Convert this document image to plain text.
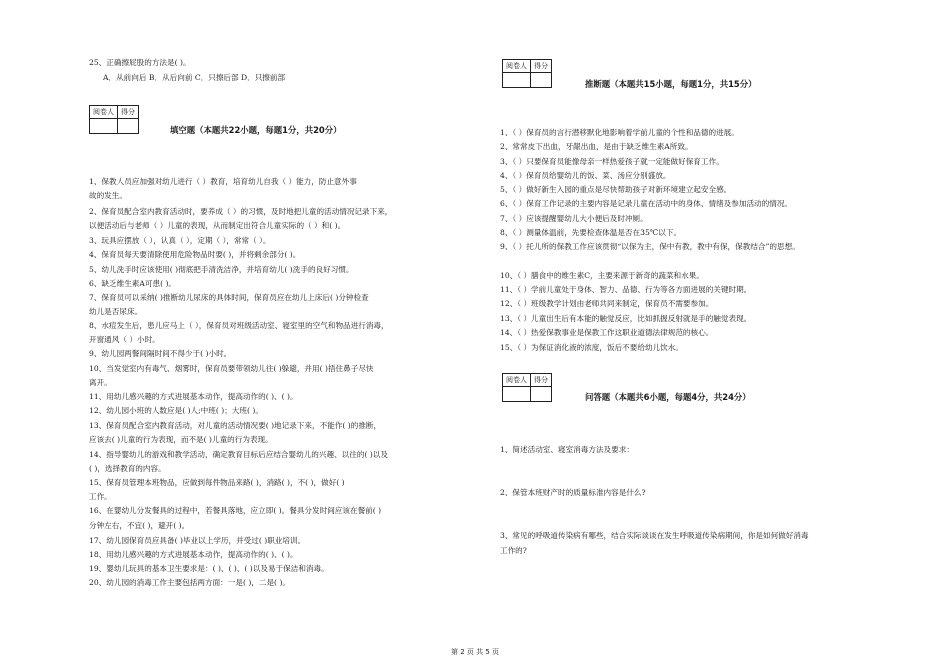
25、正确擦屁股的方法是( )。
A．从前向后 B．从后向前 C．只擦后部 D．只擦前部
阅卷人	得分

填空题（本题共22小题，每题1分，共20分）
1、保教人员应加强对幼儿进行（ ）教育，培育幼儿自我（ ）能力，防止意外事
故的发生。
2、保育员配合室内教育活动时，要养成（ ）的习惯，及时地把儿童的活动情况记录下来，
以便活动后与老师（ ）儿童的表现，从而制定出符合儿童实际的（ ）和( )。
3、玩具应摆放（ ），认真（ ），定期（ ），常常（ ）。
4、保育员每天要清除使用危险物品时要( )，并将剩余部分( )。
5、幼儿洗手时应该使用( )彻底把手清洗洁净，并培育幼儿( )洗手的良好习惯。
6、缺乏维生素A可患( )。
7、保育员可以采纳( )推断幼儿尿床的具体时间，保育员应在幼儿上床后( )分钟检查
幼儿是否尿床。
8、水痘发生后，患儿应马上（ ），保育员对班级活动室、寝室里的空气和物品进行消毒，
开窗通风（ ）小时。
9、幼儿园两餐间隔时间不得少于( )小时。
10、当发觉室内有毒气、烟雾时，保育员要带领幼儿往( )躲避，并用( )捂住鼻子尽快
离开。
11、用幼儿感兴趣的方式进展基本动作，提高动作的( )、( )。
12、幼儿园小班的人数应是( )人;中班( )；大班( )。
13、保育员配合室内教育活动，对儿童的活动情况要( )地记录下来，不能作( )的推断，
应该去( )儿童的行为表现，而不是( )儿童的行为表现。
14、指导婴幼儿的游戏和教学活动，确定教育目标后应结合婴幼儿的兴趣、以往的( )以及
( )，选择教育的内容。
15、保育员管理本班物品，应做到每件物品来路( )，消路( )，不( )，做好( )
工作。
16、在婴幼儿分发餐具的过程中，若餐具落地，应立即( )。餐具分发时间应该在餐前( )
分钟左右，不宜( )，避开( )。
17、幼儿园保育员应具备( )毕业以上学历，并受过( )职业培训。
18、用幼儿感兴趣的方式进展基本动作，提高动作的( )、( )。
19、婴幼儿玩具的基本卫生要求是：( )、( )、( )以及易于保洁和消毒。
20、幼儿园的消毒工作主要包括两方面：一是( )，二是( )。
阅卷人	得分

推断题（本题共15小题，每题1分，共15分）
1、（ ）保育员的言行潜移默化地影响着学前儿童的个性和品德的进展。
2、常常皮下出血，牙龈出血，是由于缺乏维生素A所致。
3、（ ）只要保育员能像母亲一样热爱孩子就一定能做好保育工作。
4、（ ）保育员给婴幼儿的饭、菜、汤应分别盛放。
5、（ ）做好新生入园的重点是尽快帮助孩子对新环境建立起安全感。
6、（ ）保育工作记录的主要内容是记录儿童在活动中的身体、情绪及参加活动的情况。
7、（ ）应该提醒婴幼儿大小便后及时冲厕。
8、（ ）测量体温前，先要检查体温是否在35℃以下。
9、（ ）托儿所的保教工作应该贯彻“以保为主，保中有教，教中有保，保教结合”的思想。
10、（ ）膳食中的维生素C，主要来源于新奇的蔬菜和水果。
11、（ ）学前儿童处于身体、智力、品德、行为等各方面进展的关键时期。
12、（ ）班级教学计划由老师共同来制定，保育员不需要参加。
13、（ ）儿童出生后有本能的触觉反应，比如抓握反射就是手的触觉表现。
14、（ ）热爱保教事业是保教工作这职业道德法律规范的核心。
15、（ ）为保证消化液的浓度，饭后不要给幼儿饮水。
阅卷人	得分

问答题（本题共6小题，每题4分，共24分）
1、简述活动室、寝室消毒方法及要求：
2、保管本班财产时的质量标准内容是什么?
3、常见的呼吸道传染病有哪些，结合实际谈谈在发生呼吸道传染病期间，你是如何做好消毒
工作的?
第 2 页 共 5 页
